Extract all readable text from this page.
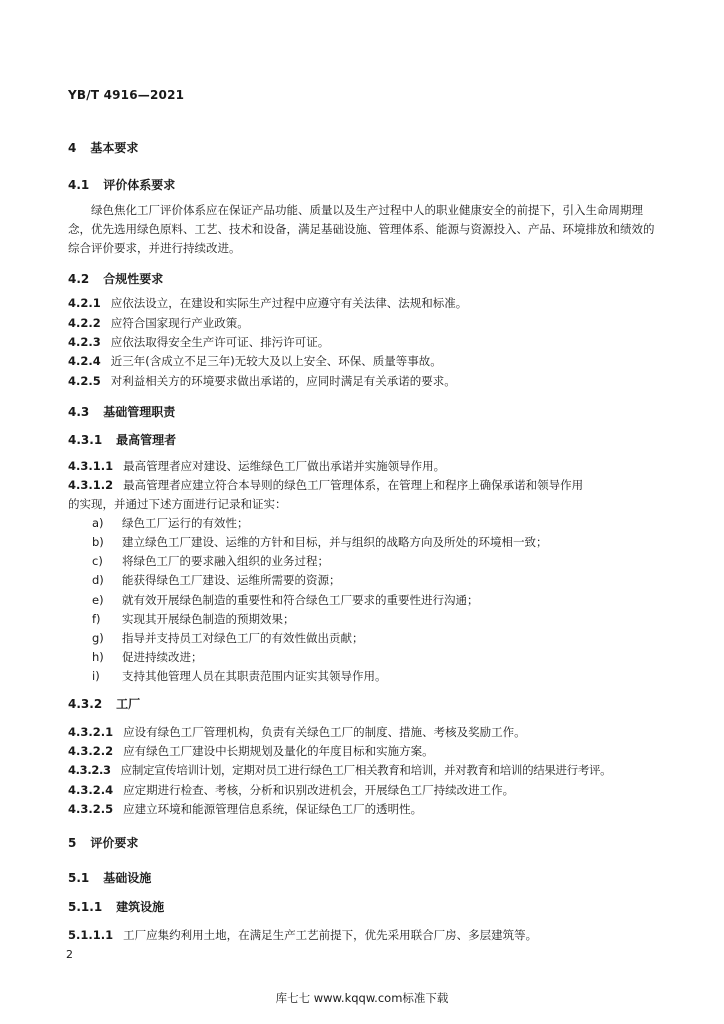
YB/T 4916—2021
4 基本要求
4.1 评价体系要求
绿色焦化工厂评价体系应在保证产品功能、质量以及生产过程中人的职业健康安全的前提下，引入生命周期理念，优先选用绿色原料、工艺、技术和设备，满足基础设施、管理体系、能源与资源投入、产品、环境排放和绩效的综合评价要求，并进行持续改进。
4.2 合规性要求
4.2.1 应依法设立，在建设和实际生产过程中应遵守有关法律、法规和标准。
4.2.2 应符合国家现行产业政策。
4.2.3 应依法取得安全生产许可证、排污许可证。
4.2.4 近三年(含成立不足三年)无较大及以上安全、环保、质量等事故。
4.2.5 对利益相关方的环境要求做出承诺的，应同时满足有关承诺的要求。
4.3 基础管理职责
4.3.1 最高管理者
4.3.1.1 最高管理者应对建设、运维绿色工厂做出承诺并实施领导作用。
4.3.1.2 最高管理者应建立符合本导则的绿色工厂管理体系，在管理上和程序上确保承诺和领导作用
的实现，并通过下述方面进行记录和证实：
a) 绿色工厂运行的有效性；
b) 建立绿色工厂建设、运维的方针和目标，并与组织的战略方向及所处的环境相一致；
c) 将绿色工厂的要求融入组织的业务过程；
d) 能获得绿色工厂建设、运维所需要的资源；
e) 就有效开展绿色制造的重要性和符合绿色工厂要求的重要性进行沟通；
f) 实现其开展绿色制造的预期效果；
g) 指导并支持员工对绿色工厂的有效性做出贡献；
h) 促进持续改进；
i) 支持其他管理人员在其职责范围内证实其领导作用。
4.3.2 工厂
4.3.2.1 应设有绿色工厂管理机构，负责有关绿色工厂的制度、措施、考核及奖励工作。
4.3.2.2 应有绿色工厂建设中长期规划及量化的年度目标和实施方案。
4.3.2.3 应制定宣传培训计划，定期对员工进行绿色工厂相关教育和培训，并对教育和培训的结果进行考评。
4.3.2.4 应定期进行检查、考核，分析和识别改进机会，开展绿色工厂持续改进工作。
4.3.2.5 应建立环境和能源管理信息系统，保证绿色工厂的透明性。
5 评价要求
5.1 基础设施
5.1.1 建筑设施
5.1.1.1 工厂应集约利用土地，在满足生产工艺前提下，优先采用联合厂房、多层建筑等。
2
库七七 www.kqqw.com标准下载
